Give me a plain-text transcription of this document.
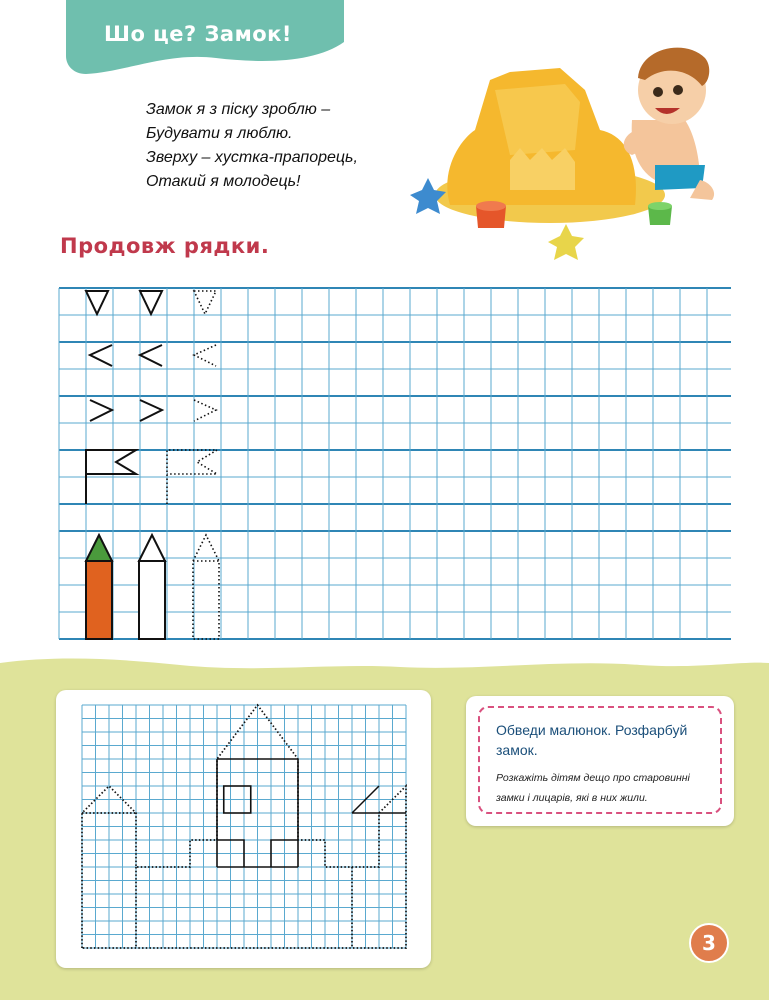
Шо це? Замок!
Замок я з піску зроблю –
Будувати я люблю.
Зверху – хустка-прапорець,
Отакий я молодець!
Продовж рядки.
Обведи малюнок. Розфарбуй замок.
Розкажіть дітям дещо про старовинні замки і лицарів, які в них жили.
3
